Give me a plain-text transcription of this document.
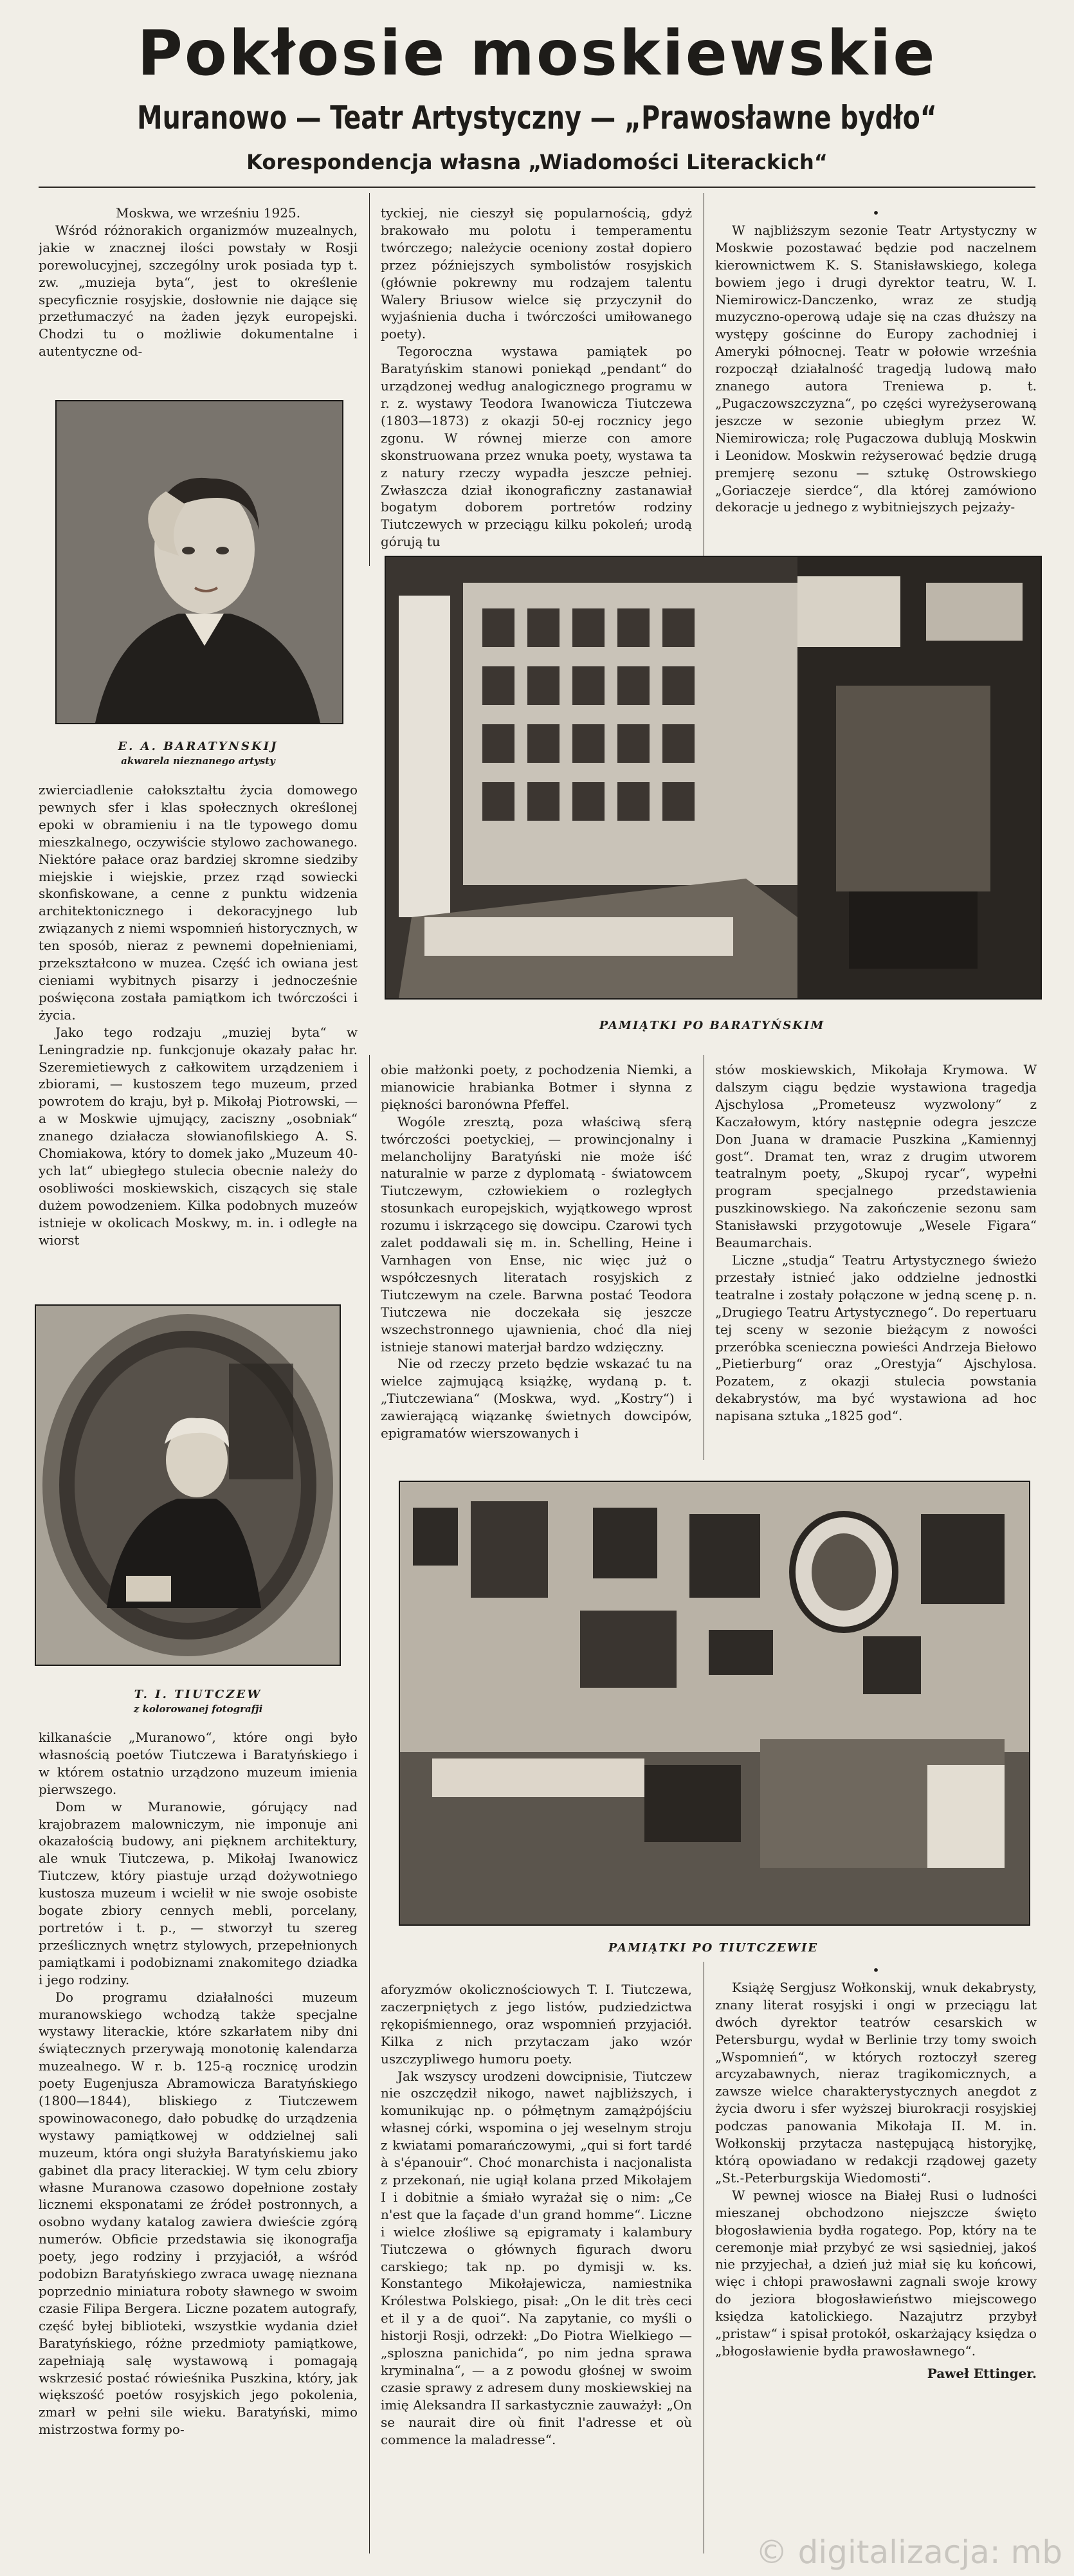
Pokłosie moskiewskie
Muranowo — Teatr Artystyczny — „Prawosławne bydło“
Korespondencja własna „Wiadomości Literackich“

Moskwa, we wrześniu 1925.

Wśród różnorakich organizmów muzealnych, jakie w znacznej ilości powstały w Rosji porewolucyjnej, szczególny urok posiada typ t. zw. „muzieja byta“, jest to określenie specyficznie rosyjskie, dosłownie nie dające się przetłumaczyć na żaden język europejski. Chodzi tu o możliwie dokumentalne i autentyczne od-

E. A. BARATYNSKIJ
akwarela nieznanego artysty

zwierciadlenie całokształtu życia domowego pewnych sfer i klas społecznych określonej epoki w obramieniu i na tle typowego domu mieszkalnego, oczywiście stylowo zachowanego. Niektóre pałace oraz bardziej skromne siedziby miejskie i wiejskie, przez rząd sowiecki skonfiskowane, a cenne z punktu widzenia architektonicznego i dekoracyjnego lub związanych z niemi wspomnień historycznych, w ten sposób, nieraz z pewnemi dopełnieniami, przekształcono w muzea. Część ich owiana jest cieniami wybitnych pisarzy i jednocześnie poświęcona została pamiątkom ich twórczości i życia.

Jako tego rodzaju „muziej byta“ w Leningradzie np. funkcjonuje okazały pałac hr. Szeremietiewych z całkowitem urządzeniem i zbiorami, — kustoszem tego muzeum, przed powrotem do kraju, był p. Mikołaj Piotrowski, — a w Moskwie ujmujący, zaciszny „osobniak“ znanego działacza słowianofilskiego A. S. Chomiakowa, który to domek jako „Muzeum 40-ych lat“ ubiegłego stulecia obecnie należy do osobliwości moskiewskich, ciszących się stale dużem powodzeniem. Kilka podobnych muzeów istnieje w okolicach Moskwy, m. in. i odległe na wiorst

T. I. TIUTCZEW
z kolorowanej fotografji

kilkanaście „Muranowo“, które ongi było własnością poetów Tiutczewa i Baratyńskiego i w którem ostatnio urządzono muzeum imienia pierwszego.

Dom w Muranowie, górujący nad krajobrazem malowniczym, nie imponuje ani okazałością budowy, ani pięknem architektury, ale wnuk Tiutczewa, p. Mikołaj Iwanowicz Tiutczew, który piastuje urząd dożywotniego kustosza muzeum i wcielił w nie swoje osobiste bogate zbiory cennych mebli, porcelany, portretów i t. p., — stworzył tu szereg prześlicznych wnętrz stylowych, przepełnionych pamiątkami i podobiznami znakomitego dziadka i jego rodziny.

Do programu działalności muzeum muranowskiego wchodzą także specjalne wystawy literackie, które szkarłatem niby dni świątecznych przerywają monotonię kalendarza muzealnego. W r. b. 125-ą rocznicę urodzin poety Eugenjusza Abramowicza Baratyńskiego (1800—1844), bliskiego z Tiutczewem spowinowaconego, dało pobudkę do urządzenia wystawy pamiątkowej w oddzielnej sali muzeum, która ongi służyła Baratyńskiemu jako gabinet dla pracy literackiej. W tym celu zbiory własne Muranowa czasowo dopełnione zostały licznemi eksponatami ze źródeł postronnych, a osobno wydany katalog zawiera dwieście zgórą numerów. Obficie przedstawia się ikonografja poety, jego rodziny i przyjaciół, a wśród podobizn Baratyńskiego zwraca uwagę nieznana poprzednio miniatura roboty sławnego w swoim czasie Filipa Bergera. Liczne pozatem autografy, część byłej biblioteki, wszystkie wydania dzieł Baratyńskiego, różne przedmioty pamiątkowe, zapełniają salę wystawową i pomagają wskrzesić postać rówieśnika Puszkina, który, jak większość poetów rosyjskich jego pokolenia, zmarł w pełni sile wieku. Baratyński, mimo mistrzostwa formy po-

tyckiej, nie cieszył się popularnością, gdyż brakowało mu polotu i temperamentu twórczego; należycie oceniony został dopiero przez późniejszych symbolistów rosyjskich (głównie pokrewny mu rodzajem talentu Walery Briusow wielce się przyczynił do wyjaśnienia ducha i twórczości umiłowanego poety).

Tegoroczna wystawa pamiątek po Baratyńskim stanowi poniekąd „pendant“ do urządzonej według analogicznego programu w r. z. wystawy Teodora Iwanowicza Tiutczewa (1803—1873) z okazji 50-ej rocznicy jego zgonu. W równej mierze con amore skonstruowana przez wnuka poety, wystawa ta z natury rzeczy wypadła jeszcze pełniej. Zwłaszcza dział ikonograficzny zastanawiał bogatym doborem portretów rodziny Tiutczewych w przeciągu kilku pokoleń; urodą górują tu

•

W najbliższym sezonie Teatr Artystyczny w Moskwie pozostawać będzie pod naczelnem kierownictwem K. S. Stanisławskiego, kolega bowiem jego i drugi dyrektor teatru, W. I. Niemirowicz-Danczenko, wraz ze studją muzyczno-operową udaje się na czas dłuższy na występy gościnne do Europy zachodniej i Ameryki północnej. Teatr w połowie września rozpoczął działalność tragedją ludową mało znanego autora Treniewa p. t. „Pugaczowszczyzna“, po części wyreżyserowaną jeszcze w sezonie ubiegłym przez W. Niemirowicza; rolę Pugaczowa dublują Moskwin i Leonidow. Moskwin reżyserować będzie drugą premjerę sezonu — sztukę Ostrowskiego „Goriaczeje sierdce“, dla której zamówiono dekoracje u jednego z wybitniejszych pejzaży-

PAMIĄTKI PO BARATYŃSKIM

obie małżonki poety, z pochodzenia Niemki, a mianowicie hrabianka Botmer i słynna z piękności baronówna Pfeffel.

Wogóle zresztą, poza właściwą sferą twórczości poetyckiej, — prowincjonalny i melancholijny Baratyński nie może iść naturalnie w parze z dyplomatą - światowcem Tiutczewym, człowiekiem o rozległych stosunkach europejskich, wyjątkowego wprost rozumu i iskrzącego się dowcipu. Czarowi tych zalet poddawali się m. in. Schelling, Heine i Varnhagen von Ense, nic więc już o współczesnych literatach rosyjskich z Tiutczewym na czele. Barwna postać Teodora Tiutczewa nie doczekała się jeszcze wszechstronnego ujawnienia, choć dla niej istnieje stanowi materjał bardzo wdzięczny.

Nie od rzeczy przeto będzie wskazać tu na wielce zajmującą książkę, wydaną p. t. „Tiutczewiana“ (Moskwa, wyd. „Kostry“) i zawierającą wiązankę świetnych dowcipów, epigramatów wierszowanych i

stów moskiewskich, Mikołaja Krymowa. W dalszym ciągu będzie wystawiona tragedja Ajschylosa „Prometeusz wyzwolony“ z Kaczałowym, który następnie odegra jeszcze Don Juana w dramacie Puszkina „Kamiennyj gost“. Dramat ten, wraz z drugim utworem teatralnym poety, „Skupoj rycar“, wypełni program specjalnego przedstawienia puszkinowskiego. Na zakończenie sezonu sam Stanisławski przygotowuje „Wesele Figara“ Beaumarchais.

Liczne „studja“ Teatru Artystycznego świeżo przestały istnieć jako oddzielne jednostki teatralne i zostały połączone w jedną scenę p. n. „Drugiego Teatru Artystycznego“. Do repertuaru tej sceny w sezonie bieżącym z nowości przeróbka scenieczna powieści Andrzeja Biełowo „Pietierburg“ oraz „Orestyja“ Ajschylosa. Pozatem, z okazji stulecia powstania dekabrystów, ma być wystawiona ad hoc napisana sztuka „1825 god“.

PAMIĄTKI PO TIUTCZEWIE

aforyzmów okolicznościowych T. I. Tiutczewa, zaczerpniętych z jego listów, pudziedzictwa rękopiśmiennego, oraz wspomnień przyjaciół. Kilka z nich przytaczam jako wzór uszczypliwego humoru poety.

Jak wszyscy urodzeni dowcipnisie, Tiutczew nie oszczędził nikogo, nawet najbliższych, i komunikując np. o półmętnym zamążpójściu własnej córki, wspomina o jej weselnym stroju z kwiatami pomarańczowymi, „qui si fort tardé à s'épanouir“. Choć monarchista i nacjonalista z przekonań, nie ugiął kolana przed Mikołajem I i dobitnie a śmiało wyrażał się o nim: „Ce n'est que la façade d'un grand homme“. Liczne i wielce złośliwe są epigramaty i kalambury Tiutczewa o głównych figurach dworu carskiego; tak np. po dymisji w. ks. Konstantego Mikołajewicza, namiestnika Królestwa Polskiego, pisał: „On le dit très ceci et il y a de quoi“. Na zapytanie, co myśli o historji Rosji, odrzekł: „Do Piotra Wielkiego — „sploszna panichida“, po nim jedna sprawa kryminalna“, — a z powodu głośnej w swoim czasie sprawy z adresem duny moskiewskiej na imię Aleksandra II sarkastycznie zauważył: „On se naurait dire où finit l'adresse et où commence la maladresse“.

•

Książę Sergjusz Wołkonskij, wnuk dekabrysty, znany literat rosyjski i ongi w przeciągu lat dwóch dyrektor teatrów cesarskich w Petersburgu, wydał w Berlinie trzy tomy swoich „Wspomnień“, w których roztoczył szereg arcyzabawnych, nieraz tragikomicznych, a zawsze wielce charakterystycznych anegdot z życia dworu i sfer wyższej biurokracji rosyjskiej podczas panowania Mikołaja II. M. in. Wołkonskij przytacza następującą historyjkę, którą opowiadano w redakcji rządowej gazety „St.-Peterburgskija Wiedomosti“.

W pewnej wiosce na Białej Rusi o ludności mieszanej obchodzono niejszcze święto błogosławienia bydła rogatego. Pop, który na te ceremonje miał przybyć ze wsi sąsiedniej, jakoś nie przyjechał, a dzień już miał się ku końcowi, więc i chłopi prawosławni zagnali swoje krowy do jeziora błogosławieństwo miejscowego księdza katolickiego. Nazajutrz przybył „pristaw“ i spisał protokół, oskarżający księdza o „błogosławienie bydła prawosławnego“.

Paweł Ettinger.

© digitalizacja: mb
